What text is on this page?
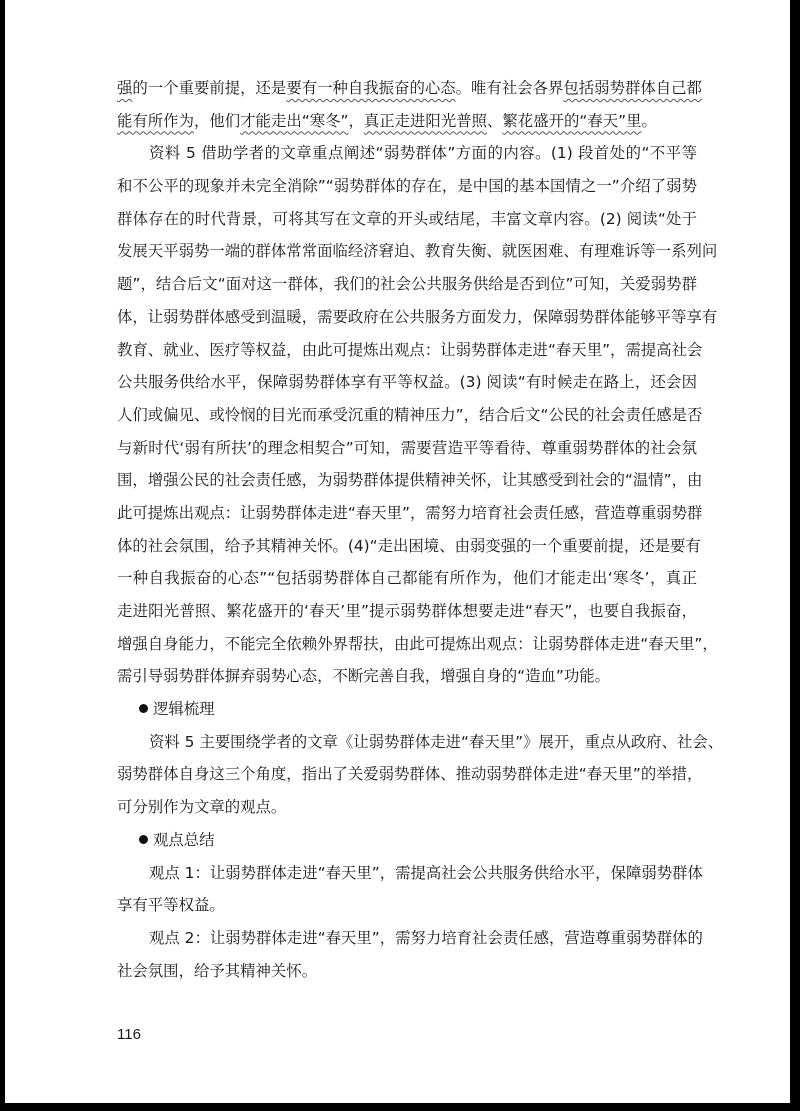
强的一个重要前提，还是要有一种自我振奋的心态。唯有社会各界包括弱势群体自己都
能有所作为，他们才能走出“寒冬”，真正走进阳光普照、繁花盛开的“春天”里。
资料 5 借助学者的文章重点阐述“弱势群体”方面的内容。(1) 段首处的“不平等
和不公平的现象并未完全消除”“弱势群体的存在，是中国的基本国情之一”介绍了弱势
群体存在的时代背景，可将其写在文章的开头或结尾，丰富文章内容。(2) 阅读“处于
发展天平弱势一端的群体常常面临经济窘迫、教育失衡、就医困难、有理难诉等一系列问
题”，结合后文“面对这一群体，我们的社会公共服务供给是否到位”可知，关爱弱势群
体，让弱势群体感受到温暖，需要政府在公共服务方面发力，保障弱势群体能够平等享有
教育、就业、医疗等权益，由此可提炼出观点：让弱势群体走进“春天里”，需提高社会
公共服务供给水平，保障弱势群体享有平等权益。(3) 阅读“有时候走在路上，还会因
人们或偏见、或怜悯的目光而承受沉重的精神压力”，结合后文“公民的社会责任感是否
与新时代‘弱有所扶’的理念相契合”可知，需要营造平等看待、尊重弱势群体的社会氛
围，增强公民的社会责任感，为弱势群体提供精神关怀，让其感受到社会的“温情”，由
此可提炼出观点：让弱势群体走进“春天里”，需努力培育社会责任感，营造尊重弱势群
体的社会氛围，给予其精神关怀。(4)“走出困境、由弱变强的一个重要前提，还是要有
一种自我振奋的心态”“包括弱势群体自己都能有所作为，他们才能走出‘寒冬’，真正
走进阳光普照、繁花盛开的‘春天’里”提示弱势群体想要走进“春天”，也要自我振奋，
增强自身能力，不能完全依赖外界帮扶，由此可提炼出观点：让弱势群体走进“春天里”，
需引导弱势群体摒弃弱势心态，不断完善自我，增强自身的“造血”功能。
逻辑梳理
资料 5 主要围绕学者的文章《让弱势群体走进“春天里”》展开，重点从政府、社会、
弱势群体自身这三个角度，指出了关爱弱势群体、推动弱势群体走进“春天里”的举措，
可分别作为文章的观点。
观点总结
观点 1：让弱势群体走进“春天里”，需提高社会公共服务供给水平，保障弱势群体
享有平等权益。
观点 2：让弱势群体走进“春天里”，需努力培育社会责任感，营造尊重弱势群体的
社会氛围，给予其精神关怀。
116
